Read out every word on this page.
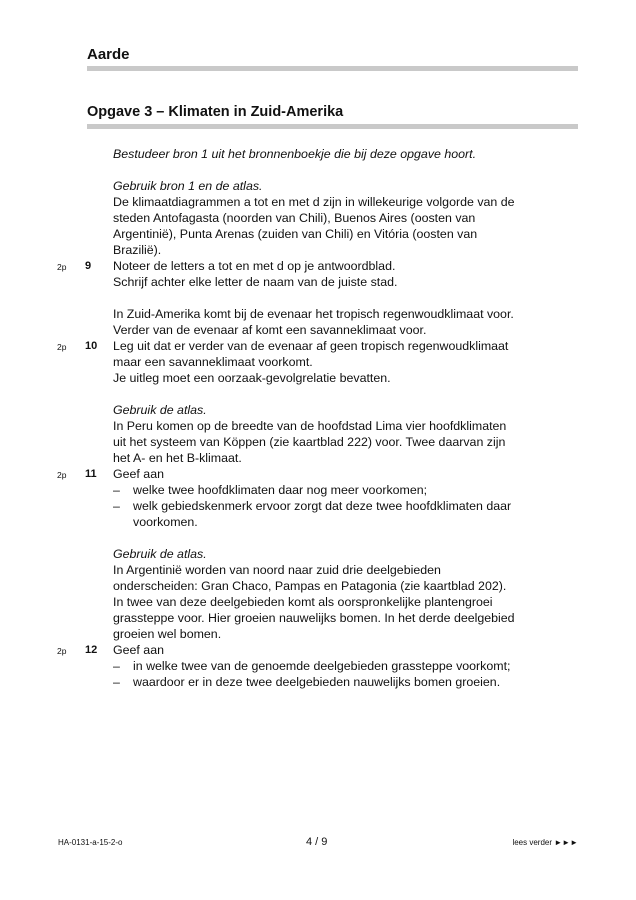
Aarde
Opgave 3 – Klimaten in Zuid-Amerika
Bestudeer bron 1 uit het bronnenboekje die bij deze opgave hoort.
Gebruik bron 1 en de atlas.
De klimaatdiagrammen a tot en met d zijn in willekeurige volgorde van de
steden Antofagasta (noorden van Chili), Buenos Aires (oosten van
Argentinië), Punta Arenas (zuiden van Chili) en Vitória (oosten van
Brazilië).
2p 9 Noteer de letters a tot en met d op je antwoordblad.
Schrijf achter elke letter de naam van de juiste stad.
In Zuid-Amerika komt bij de evenaar het tropisch regenwoudklimaat voor.
Verder van de evenaar af komt een savanneklimaat voor.
2p 10 Leg uit dat er verder van de evenaar af geen tropisch regenwoudklimaat
maar een savanneklimaat voorkomt.
Je uitleg moet een oorzaak-gevolgrelatie bevatten.
Gebruik de atlas.
In Peru komen op de breedte van de hoofdstad Lima vier hoofdklimaten
uit het systeem van Köppen (zie kaartblad 222) voor. Twee daarvan zijn
het A- en het B-klimaat.
2p 11 Geef aan
– welke twee hoofdklimaten daar nog meer voorkomen;
– welk gebiedskenmerk ervoor zorgt dat deze twee hoofdklimaten daar
voorkomen.
Gebruik de atlas.
In Argentinië worden van noord naar zuid drie deelgebieden
onderscheiden: Gran Chaco, Pampas en Patagonia (zie kaartblad 202).
In twee van deze deelgebieden komt als oorspronkelijke plantengroei
grassteppe voor. Hier groeien nauwelijks bomen. In het derde deelgebied
groeien wel bomen.
2p 12 Geef aan
– in welke twee van de genoemde deelgebieden grassteppe voorkomt;
– waardoor er in deze twee deelgebieden nauwelijks bomen groeien.
HA-0131-a-15-2-o	4 / 9	lees verder ►►►
